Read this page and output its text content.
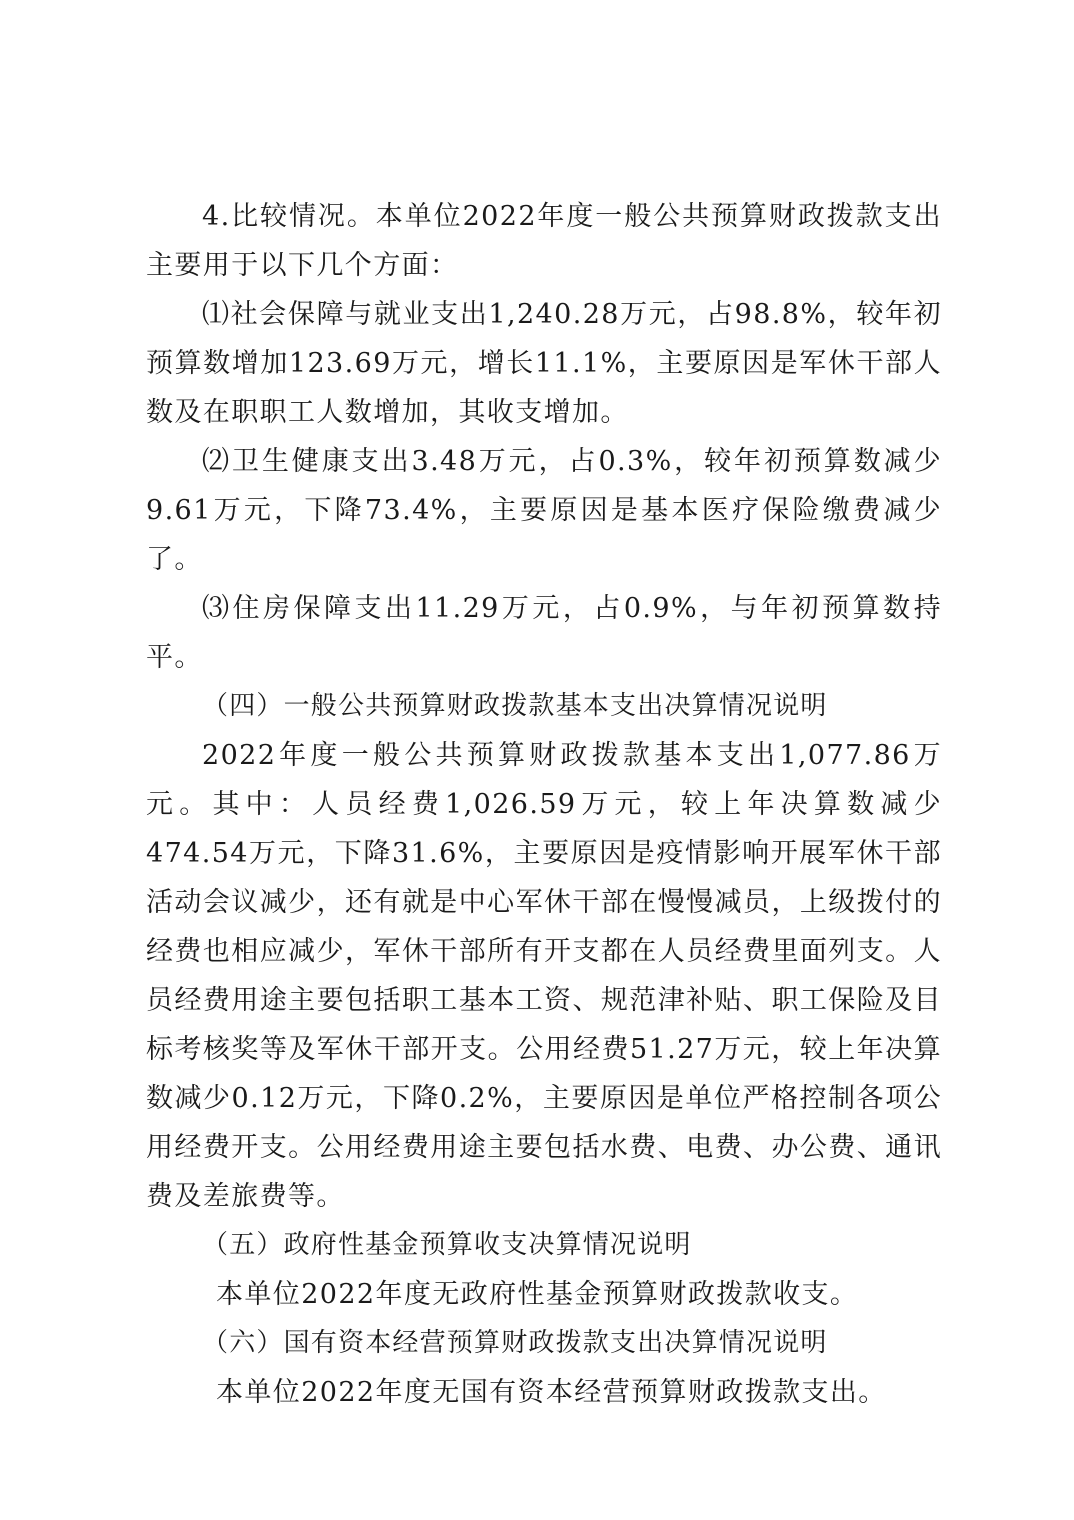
4.比较情况。本单位2022年度一般公共预算财政拨款支出主要用于以下几个方面：

⑴社会保障与就业支出1,240.28万元，占98.8%，较年初预算数增加123.69万元，增长11.1%，主要原因是军休干部人数及在职职工人数增加，其收支增加。

⑵卫生健康支出3.48万元，占0.3%，较年初预算数减少9.61万元，下降73.4%，主要原因是基本医疗保险缴费减少了。

⑶住房保障支出11.29万元，占0.9%，与年初预算数持平。

（四）一般公共预算财政拨款基本支出决算情况说明

2022年度一般公共预算财政拨款基本支出1,077.86万元。其中：人员经费1,026.59万元，较上年决算数减少474.54万元，下降31.6%，主要原因是疫情影响开展军休干部活动会议减少，还有就是中心军休干部在慢慢减员，上级拨付的经费也相应减少，军休干部所有开支都在人员经费里面列支。人员经费用途主要包括职工基本工资、规范津补贴、职工保险及目标考核奖等及军休干部开支。公用经费51.27万元，较上年决算数减少0.12万元，下降0.2%，主要原因是单位严格控制各项公用经费开支。公用经费用途主要包括水费、电费、办公费、通讯费及差旅费等。

（五）政府性基金预算收支决算情况说明

本单位2022年度无政府性基金预算财政拨款收支。

（六）国有资本经营预算财政拨款支出决算情况说明

本单位2022年度无国有资本经营预算财政拨款支出。
